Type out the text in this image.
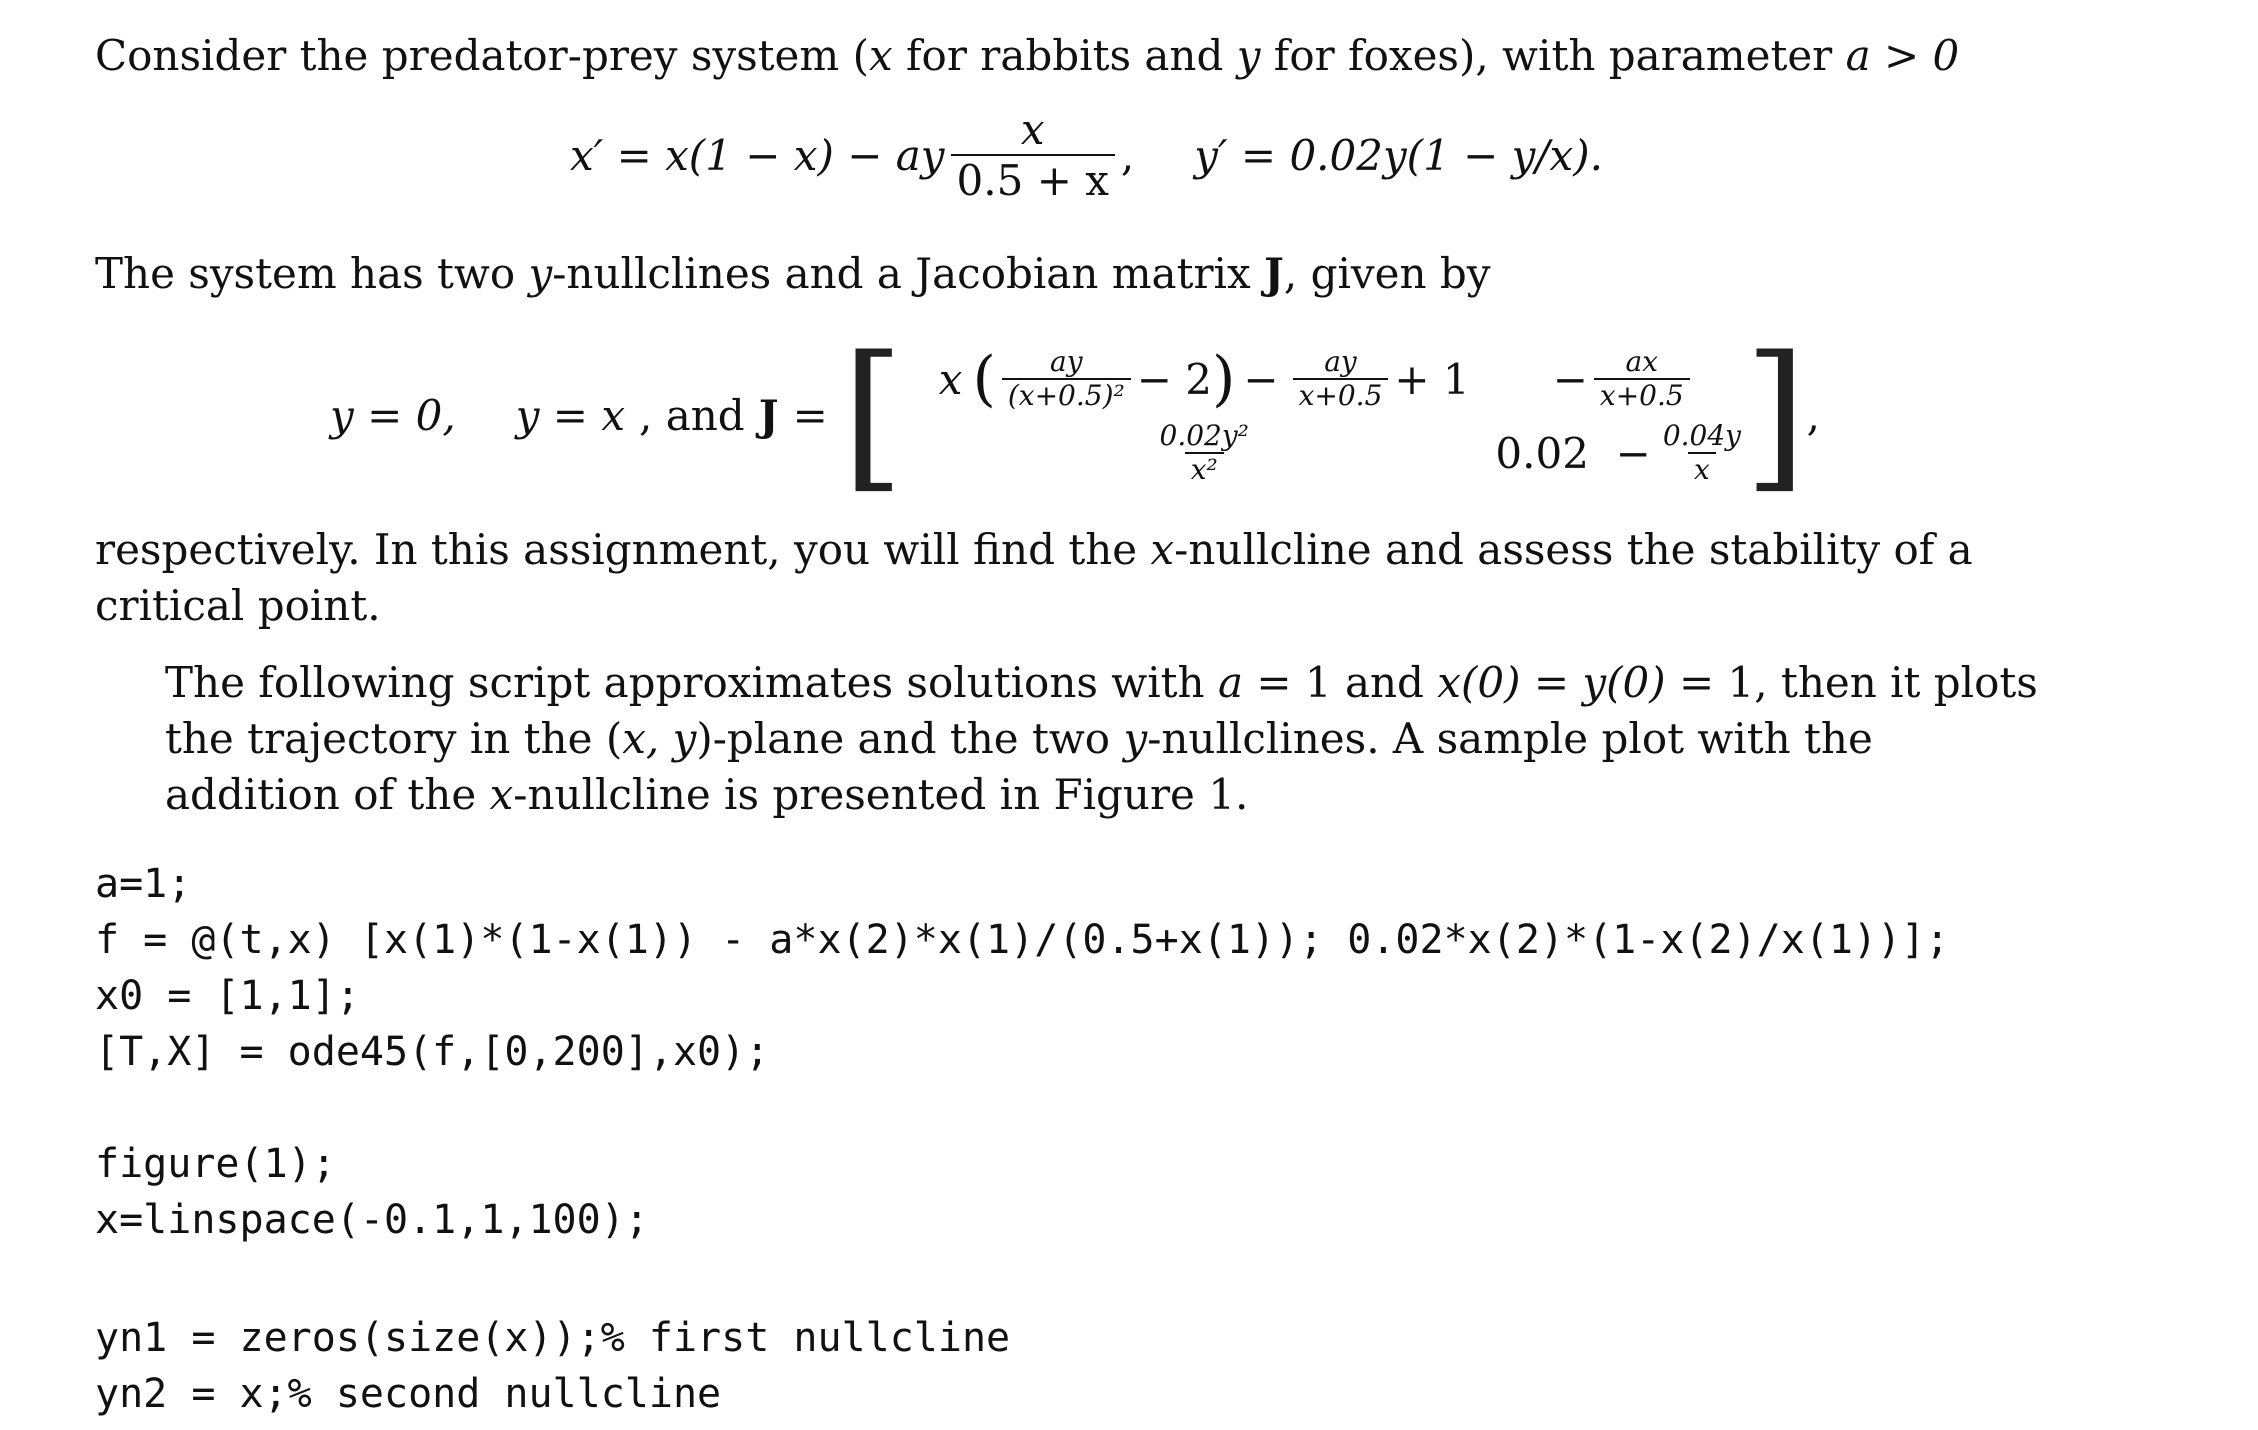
Consider the predator-prey system (x for rabbits and y for foxes), with parameter a > 0

x′ = x(1 − x) − ay $\frac{x}{0.5 + x}$ , y′ = 0.02y(1 − y/x).

The system has two y-nullclines and a Jacobian matrix J, given by

y = 0, y = x , and J = [ x ( $\frac{ay}{\text{(x+0.5)²}} - 2$ ) − $\frac{ay}{x+0.5} + 1 - \frac{ax}{x+0.5}$
$\frac{\text{0.02y²}}{\text{x²}}$	$0.02 - \frac{0.04y}{x}$
] ,

respectively. In this assignment, you will find the x-nullcline and assess the stability of a critical point.

The following script approximates solutions with a = 1 and x(0) = y(0) = 1, then it plots the trajectory in the (x, y)-plane and the two y-nullclines. A sample plot with the addition of the x-nullcline is presented in Figure 1.

a=1;
f = @(t,x) [x(1)*(1-x(1)) - a*x(2)*x(1)/(0.5+x(1)); 0.02*x(2)*(1-x(2)/x(1))];
x0 = [1,1];
[T,X] = ode45(f,[0,200],x0);
figure(1);
x=linspace(-0.1,1,100);
yn1 = zeros(size(x));% first nullcline
yn2 = x;% second nullcline
